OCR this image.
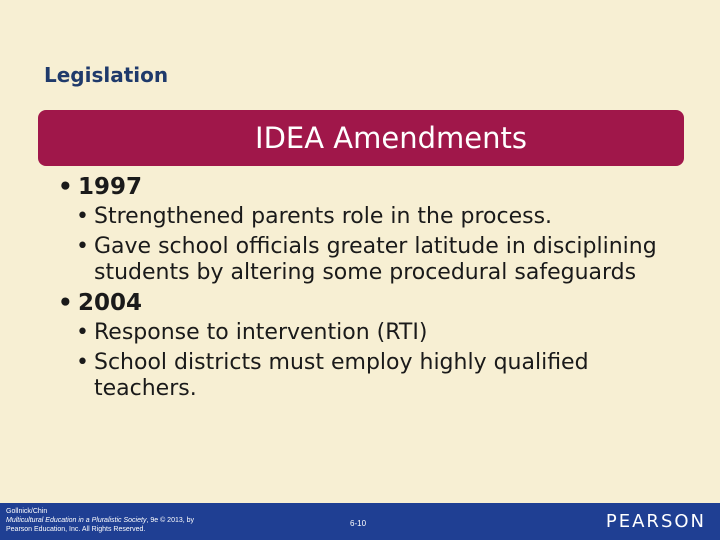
Legislation
IDEA Amendments
• 1997
• Strengthened parents role in the process.
• Gave school officials greater latitude in disciplining students by altering some procedural safeguards
• 2004
• Response to intervention (RTI)
• School districts must employ highly qualified teachers.
Gollnick/Chin
Multicultural Education in a Pluralistic Society, 9e © 2013, by
Pearson Education, Inc. All Rights Reserved.
6-10	PEARSON
